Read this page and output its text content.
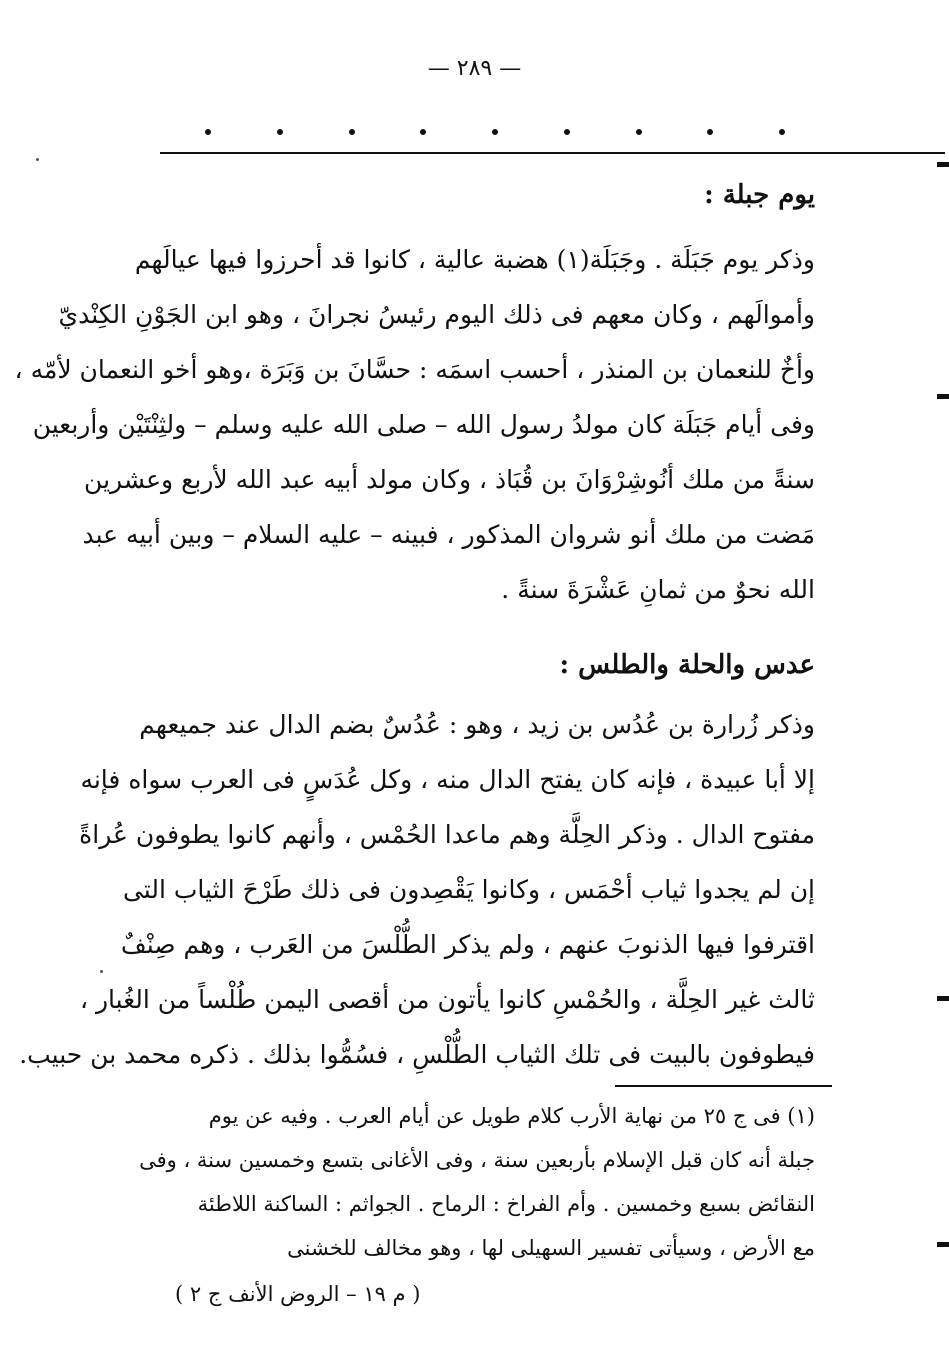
— ٢٨٩ —
يوم جبلة :

وذكر يوم جَبَلَة . وجَبَلَة(١) هضبة عالية ، كانوا قد أحرزوا فيها عيالَهم

وأموالَهم ، وكان معهم فى ذلك اليوم رئيسُ نجرانَ ، وهو ابن الجَوْنِ الكِنْديّ

وأخٌ للنعمان بن المنذر ، أحسب اسمَه : حسَّانَ بن وَبَرَة ،وهو أخو النعمان لأمّه ،

وفى أيام جَبَلَة كان مولدُ رسول الله – صلى الله عليه وسلم – ولثِنْتَيْن وأربعين

سنةً من ملك أنُوشِرْوَانَ بن قُبَاذ ، وكان مولد أبيه عبد الله لأربع وعشرين

مَضت من ملك أنو شروان المذكور ، فبينه – عليه السلام – وبين أبيه عبد

الله نحوٌ من ثمانِ عَشْرَةَ سنةً .

عدس والحلة والطلس :

وذكر زُرارة بن عُدُس بن زيد ، وهو : عُدُسٌ بضم الدال عند جميعهم

إلا أبا عبيدة ، فإنه كان يفتح الدال منه ، وكل عُدَسٍ فى العرب سواه فإنه

مفتوح الدال . وذكر الحِلَّة وهم ماعدا الحُمْس ، وأنهم كانوا يطوفون عُراةً

إن لم يجدوا ثياب أحْمَس ، وكانوا يَقْصِدون فى ذلك طَرْحَ الثياب التى

اقترفوا فيها الذنوبَ عنهم ، ولم يذكر الطُّلْسَ من العَرب ، وهم صِنْفٌ

ثالث غير الحِلَّة ، والحُمْسِ كانوا يأتون من أقصى اليمن طُلْساً من الغُبار ،

فيطوفون بالبيت فى تلك الثياب الطُّلْسِ ، فسُمُّوا بذلك . ذكره محمد بن حبيب.

(١) فى ج ٢٥ من نهاية الأرب كلام طويل عن أيام العرب . وفيه عن يوم

جبلة أنه كان قبل الإسلام بأربعين سنة ، وفى الأغانى بتسع وخمسين سنة ، وفى

النقائض بسبع وخمسين . وأم الفراخ : الرماح . الجواثم : الساكنة اللاطئة

مع الأرض ، وسيأتى تفسير السهيلى لها ، وهو مخالف للخشنى

( م ١٩ – الروض الأنف ج ٢ )
